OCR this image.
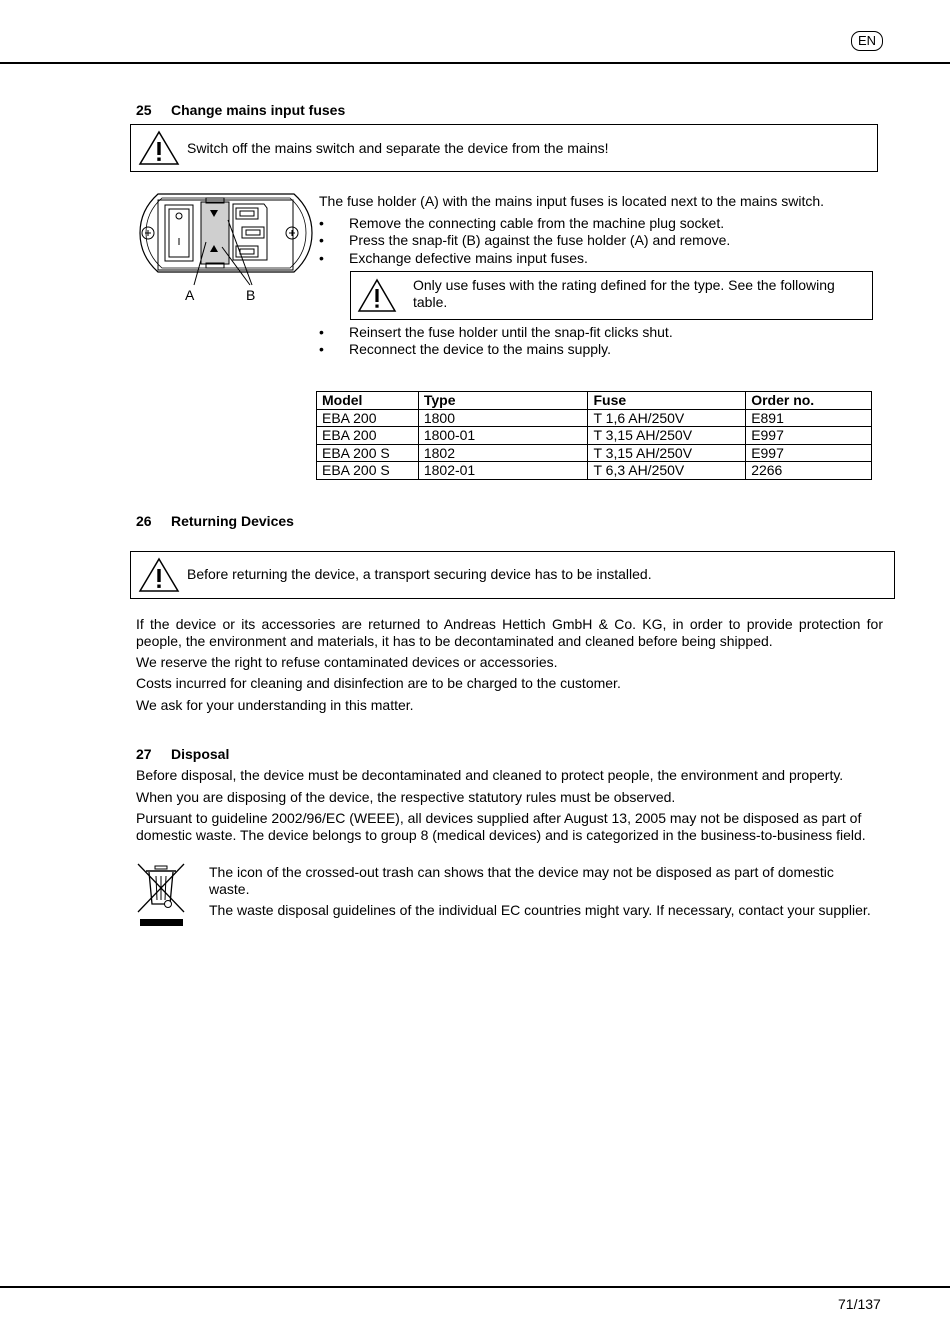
EN
25 Change mains input fuses
Switch off the mains switch and separate the device from the mains!
A	B
The fuse holder (A) with the mains input fuses is located next to the mains switch.
• Remove the connecting cable from the machine plug socket.
• Press the snap-fit (B) against the fuse holder (A) and remove.
• Exchange defective mains input fuses.
Only use fuses with the rating defined for the type. See the following
table.
• Reinsert the fuse holder until the snap-fit clicks shut.
• Reconnect the device to the mains supply.
Model	Type	Fuse	Order no.
EBA 200	1800	T 1,6 AH/250V	E891
EBA 200	1800-01	T 3,15 AH/250V	E997
EBA 200 S	1802	T 3,15 AH/250V	E997
EBA 200 S	1802-01	T 6,3 AH/250V	2266
26 Returning Devices
Before returning the device, a transport securing device has to be installed.
If the device or its accessories are returned to Andreas Hettich GmbH & Co. KG, in order to provide protection for people, the environment and materials, it has to be decontaminated and cleaned before being shipped.
We reserve the right to refuse contaminated devices or accessories.
Costs incurred for cleaning and disinfection are to be charged to the customer.
We ask for your understanding in this matter.
27 Disposal
Before disposal, the device must be decontaminated and cleaned to protect people, the environment and property.
When you are disposing of the device, the respective statutory rules must be observed.
Pursuant to guideline 2002/96/EC (WEEE), all devices supplied after August 13, 2005 may not be disposed as part of domestic waste. The device belongs to group 8 (medical devices) and is categorized in the business-to-business field.
The icon of the crossed-out trash can shows that the device may not be disposed as part of domestic waste.
The waste disposal guidelines of the individual EC countries might vary. If necessary, contact your supplier.
71/137
